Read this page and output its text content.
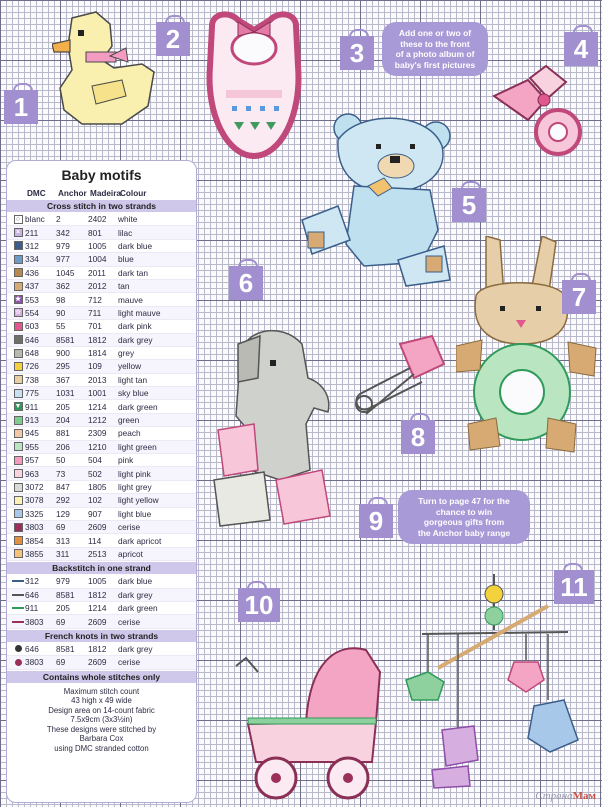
1
2	3	4
5
6	7
8
9
10
11
Add one or two of
these to the front
of a photo album of
baby's first pictures
Turn to page 47 for the
chance to win
gorgeous gifts from
the Anchor baby range
Baby motifs
DMC	Anchor Madeira Colour
Cross stitch in two strands
○ blanc	2	2402	white
× 211	342	801	lilac
312	979	1005	dark blue
334	977	1004	blue
436	1045	2011	dark tan
437	362	2012	tan
★ 553	98	712	mauve
☆ 554	90	711	light mauve
603	55	701	dark pink
646	8581	1812	dark grey
648	900	1814	grey
726	295	109	yellow
738	367	2013	light tan
775	1031	1001	sky blue
▼ 911	205	1214	dark green
913	204	1212	green
945	881	2309	peach
955	206	1210	light green
957	50	504	pink
963	73	502	light pink
3072	847	1805	light grey
3078	292	102	light yellow
3325	129	907	light blue
3803	69	2609	cerise
3854	313	114	dark apricot
3855	311	2513	apricot
Backstitch in one strand
312	979	1005	dark blue
646	8581	1812	dark grey
911	205	1214	dark green
3803	69	2609	cerise
French knots in two strands
646	8581	1812	dark grey
3803	69	2609	cerise
Contains whole stitches only
Maximum stitch count
43 high x 49 wide
Design area on 14-count fabric
7.5x9cm (3x3½in)
These designs were stitched by
Barbara Cox
using DMC stranded cotton
СтранаМам
